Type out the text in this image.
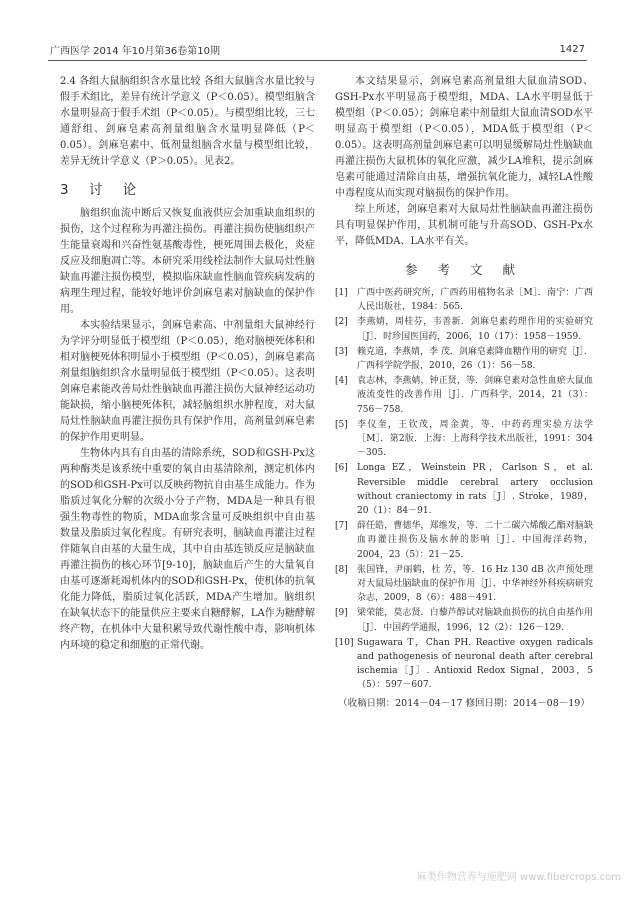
广西医学 2014 年10月第36卷第10期	1427

2.4 各组大鼠脑组织含水量比较 各组大鼠脑含水量比较与假手术组比，差异有统计学意义（P＜0.05）。模型组脑含水量明显高于假手术组（P＜0.05）。与模型组比较，三七通舒组、剑麻皂素高剂量组脑含水量明显降低（P＜0.05）。剑麻皂素中、低剂量组脑含水量与模型组比较，差异无统计学意义（P＞0.05）。见表2。

3 讨 论

脑组织血流中断后又恢复血液供应会加重缺血组织的损伤，这个过程称为再灌注损伤。再灌注损伤使脑组织产生能量衰竭和兴奋性氨基酸毒性，梗死周围去极化，炎症反应及细胞凋亡等。本研究采用线栓法制作大鼠局灶性脑缺血再灌注损伤模型，模拟临床缺血性脑血管疾病发病的病理生理过程，能较好地评价剑麻皂素对脑缺血的保护作用。

本实验结果显示，剑麻皂素高、中剂量组大鼠神经行为学评分明显低于模型组（P＜0.05），绝对脑梗死体积和相对脑梗死体积明显小于模型组（P＜0.05），剑麻皂素高剂量组脑组织含水量明显低于模型组（P＜0.05）。这表明剑麻皂素能改善局灶性脑缺血再灌注损伤大鼠神经运动功能缺损，缩小脑梗死体积，减轻脑组织水肿程度，对大鼠局灶性脑缺血再灌注损伤具有保护作用，高剂量剑麻皂素的保护作用更明显。

生物体内具有自由基的清除系统，SOD和GSH-Px这两种酶类是该系统中重要的氧自由基清除剂，测定机体内的SOD和GSH-Px可以反映药物抗自由基生成能力。作为脂质过氧化分解的次级小分子产物，MDA是一种具有很强生物毒性的物质，MDA血浆含量可反映组织中自由基数量及脂质过氧化程度。有研究表明，脑缺血再灌注过程伴随氧自由基的大量生成，其中自由基连锁反应是脑缺血再灌注损伤的核心环节[9-10]，脑缺血后产生的大量氧自由基可逐渐耗竭机体内的SOD和GSH-Px，使机体的抗氧化能力降低，脂质过氧化活跃，MDA产生增加。脑组织在缺氧状态下的能量供应主要来自糖酵解，LA作为糖酵解终产物，在机体中大量积累导致代谢性酸中毒，影响机体内环境的稳定和细胞的正常代谢。

本文结果显示，剑麻皂素高剂量组大鼠血清SOD、GSH-Px水平明显高于模型组，MDA、LA水平明显低于模型组（P＜0.05）；剑麻皂素中剂量组大鼠血清SOD水平明显高于模型组（P＜0.05），MDA低于模型组（P＜0.05）。这表明高剂量剑麻皂素可以明显缓解局灶性脑缺血再灌注损伤大鼠机体的氧化应激，减少LA堆积，提示剑麻皂素可能通过清除自由基，增强抗氧化能力，减轻LA性酸中毒程度从而实现对脑损伤的保护作用。

综上所述，剑麻皂素对大鼠局灶性脑缺血再灌注损伤具有明显保护作用，其机制可能与升高SOD、GSH-Px水平，降低MDA、LA水平有关。

参 考 文 献
[1]	广西中医药研究所，广西药用植物名录［M］．南宁：广西人民出版社，1984：565.
[2]	李燕婧，周桂芬，韦善新．剑麻皂素药理作用的实验研究［J］．时珍国医国药，2006，10（17）：1958－1959.
[3]	赖克道，李燕婧，李 茂．剑麻皂素降血糖作用的研究［J］．广西科学院学报，2010，26（1）：56－58.
[4]	袁志林，李燕婧，钟正贤，等．剑麻皂素对急性血瘀大鼠血液流变性的改善作用［J］．广西科学，2014，21（3）：756－758.
[5]	李仪奎，王钦茂，周金黄，等．中药药理实验方法学［M］．第2版．上海：上海科学技术出版社，1991：304－305.
[6]	Longa EZ，Weinstein PR，Carlson S，et al. Reversible middle cerebral artery occlusion without craniectomy in rats［J］. Stroke，1989，20（1）：84－91.
[7]	薛任皓，曹德华，郑维发，等．二十二碳六烯酸乙酯对脑缺血再灌注损伤及脑水肿的影响［J］．中国海洋药物，2004，23（5）：21－25.
[8]	张国锋，尹丽鹤，杜 芳，等．16 Hz 130 dB 次声预处理对大鼠局灶脑缺血的保护作用［J］．中华神经外科疾病研究杂志，2009，8（6）：488－491.
[9]	梁荣能，莫志贤．白藜芦醇试对脑缺血损伤的抗自由基作用［J］．中国药学通报，1996，12（2）：126－129.
[10] Sugawara T，Chan PH. Reactive oxygen radicals and pathogenesis of neuronal death after cerebral ischemia［J］. Antioxid Redox Signal，2003，5（5）：597－607.
（收稿日期：2014－04－17 修回日期：2014－08－19）
麻类作物营养与施肥网 www.fibercrops.com
